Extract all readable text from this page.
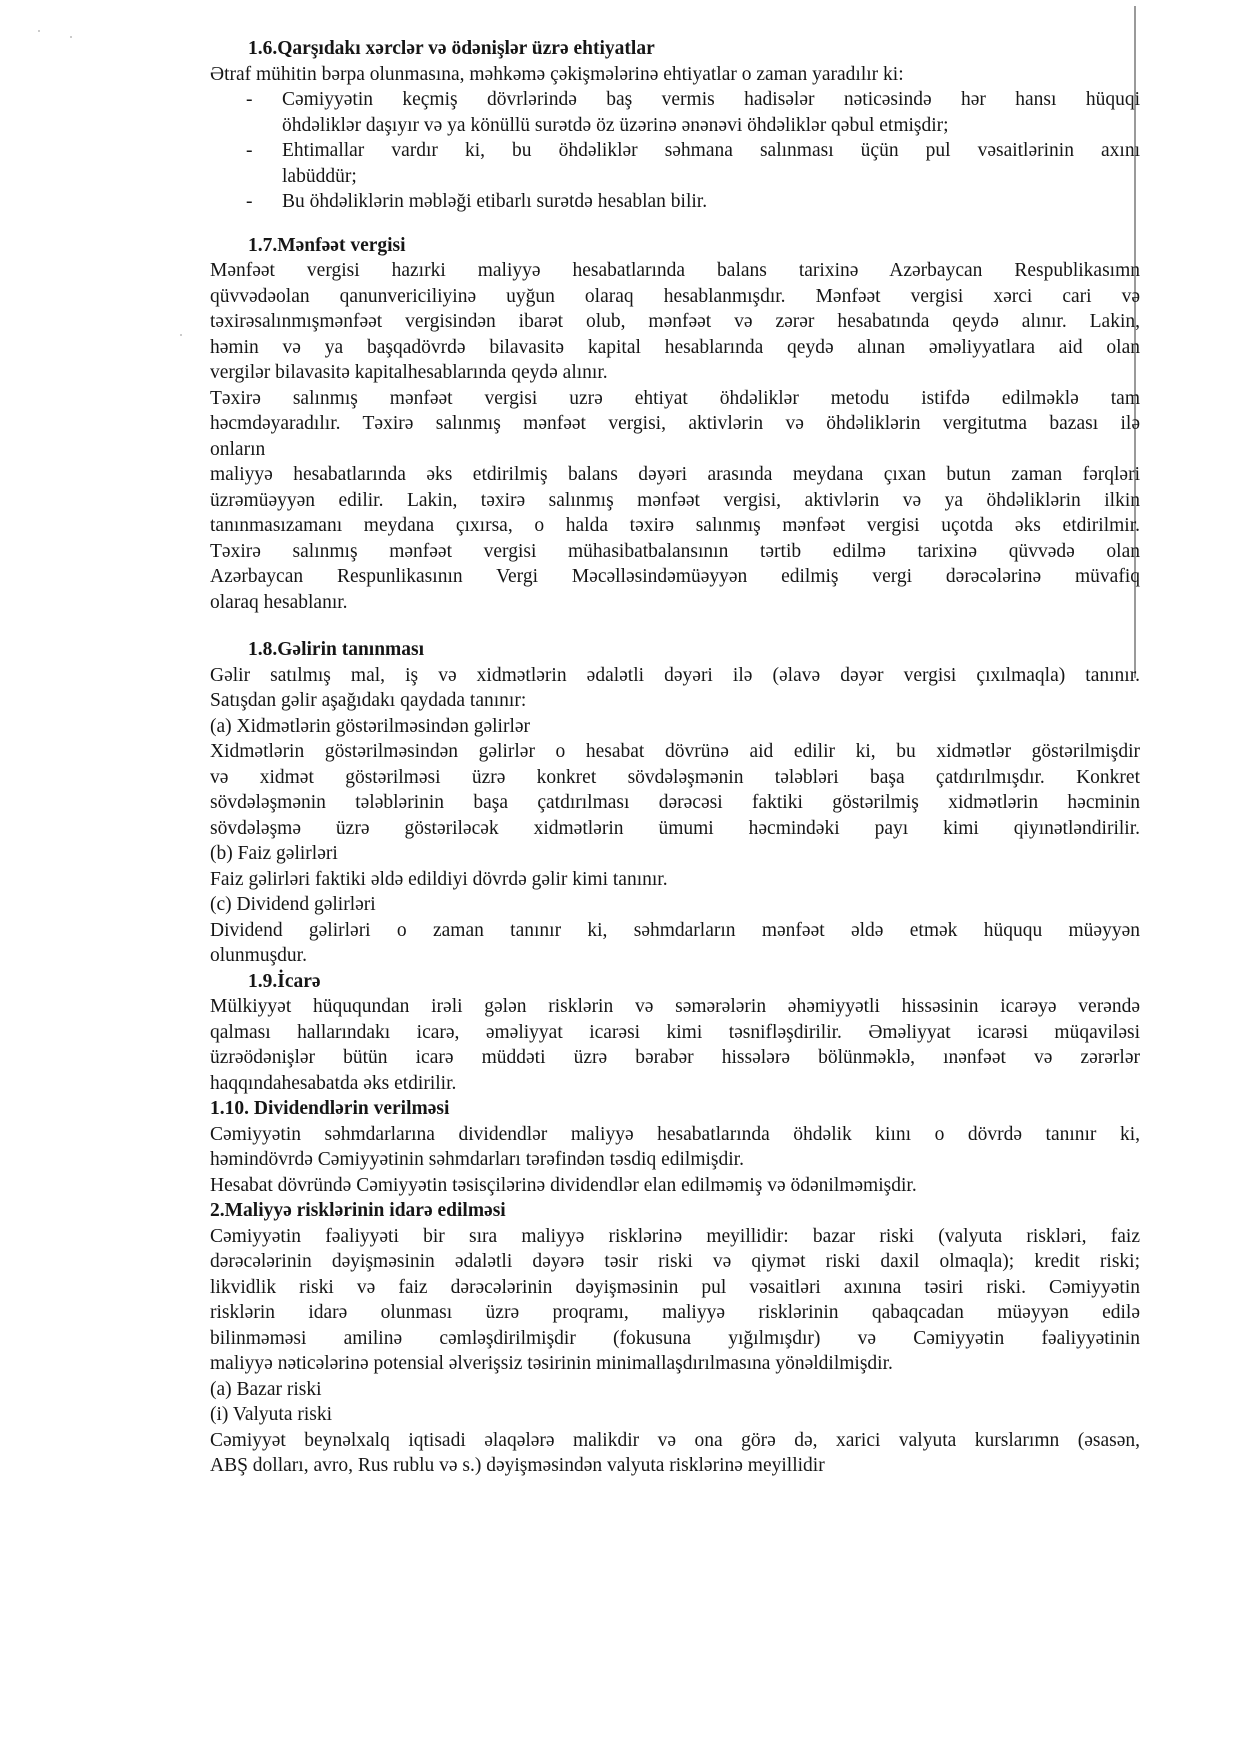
1.6.Qarşıdakı xərclər və ödənişlər üzrə ehtiyatlar
Ətraf mühitin bərpa olunmasına, məhkəmə çəkişmələrinə ehtiyatlar o zaman yaradılır ki:
- Cəmiyyətin keçmiş dövrlərində baş vermis hadisələr nəticəsində hər hansı hüquqi
öhdəliklər daşıyır və ya könüllü surətdə öz üzərinə ənənəvi öhdəliklər qəbul etmişdir;
- Ehtimallar vardır ki, bu öhdəliklər səhmana salınması üçün pul vəsaitlərinin axını
labüddür;
- Bu öhdəliklərin məbləği etibarlı surətdə hesablan bilir.
1.7.Mənfəət vergisi
Mənfəət vergisi hazırki maliyyə hesabatlarında balans tarixinə Azərbaycan Respublikasımn
qüvvədəolan qanunvericiliyinə uyğun olaraq hesablanmışdır. Mənfəət vergisi xərci cari və
təxirəsalınmışmənfəət vergisindən ibarət olub, mənfəət və zərər hesabatında qeydə alınır. Lakin,
həmin və ya başqadövrdə bilavasitə kapital hesablarında qeydə alınan əməliyyatlara aid olan
vergilər bilavasitə kapitalhesablarında qeydə alınır.
Təxirə salınmış mənfəət vergisi uzrə ehtiyat öhdəliklər metodu istifdə edilməklə tam
həcmdəyaradılır. Təxirə salınmış mənfəət vergisi, aktivlərin və öhdəliklərin vergitutma bazası ilə
onların
maliyyə hesabatlarında əks etdirilmiş balans dəyəri arasında meydana çıxan butun zaman fərqləri
üzrəmüəyyən edilir. Lakin, təxirə salınmış mənfəət vergisi, aktivlərin və ya öhdəliklərin ilkin
tanınmasızamanı meydana çıxırsa, o halda təxirə salınmış mənfəət vergisi uçotda əks etdirilmir.
Təxirə salınmış mənfəət vergisi mühasibatbalansının tərtib edilmə tarixinə qüvvədə olan
Azərbaycan Respunlikasının Vergi Məcəlləsindəmüəyyən edilmiş vergi dərəcələrinə müvafiq
olaraq hesablanır.
1.8.Gəlirin tanınması
Gəlir satılmış mal, iş və xidmətlərin ədalətli dəyəri ilə (əlavə dəyər vergisi çıxılmaqla) tanınır.
Satışdan gəlir aşağıdakı qaydada tanınır:
(a) Xidmətlərin göstərilməsindən gəlirlər
Xidmətlərin göstərilməsindən gəlirlər o hesabat dövrünə aid edilir ki, bu xidmətlər göstərilmişdir
və xidmət göstərilməsi üzrə konkret sövdələşmənin tələbləri başa çatdırılmışdır. Konkret
sövdələşmənin tələblərinin başa çatdırılması dərəcəsi faktiki göstərilmiş xidmətlərin həcminin
sövdələşmə üzrə göstəriləcək xidmətlərin ümumi həcmindəki payı kimi qiyınətləndirilir.
(b) Faiz gəlirləri
Faiz gəlirləri faktiki əldə edildiyi dövrdə gəlir kimi tanınır.
(c) Dividend gəlirləri
Dividend gəlirləri o zaman tanınır ki, səhmdarların mənfəət əldə etmək hüququ müəyyən
olunmuşdur.
1.9.İcarə
Mülkiyyət hüququndan irəli gələn risklərin və səmərələrin əhəmiyyətli hissəsinin icarəyə verəndə
qalması hallarındakı icarə, əməliyyat icarəsi kimi təsnifləşdirilir. Əməliyyat icarəsi müqaviləsi
üzrəödənişlər bütün icarə müddəti üzrə bərabər hissələrə bölünməklə, ınənfəət və zərərlər
haqqındahesabatda əks etdirilir.
1.10. Dividendlərin verilməsi
Cəmiyyətin səhmdarlarına dividendlər maliyyə hesabatlarında öhdəlik kiını o dövrdə tanınır ki,
həmindövrdə Cəmiyyətinin səhmdarları tərəfindən təsdiq edilmişdir.
Hesabat dövründə Cəmiyyətin təsisçilərinə dividendlər elan edilməmiş və ödənilməmişdir.
2.Maliyyə risklərinin idarə edilməsi
Cəmiyyətin fəaliyyəti bir sıra maliyyə risklərinə meyillidir: bazar riski (valyuta riskləri, faiz
dərəcələrinin dəyişməsinin ədalətli dəyərə təsir riski və qiymət riski daxil olmaqla); kredit riski;
likvidlik riski və faiz dərəcələrinin dəyişməsinin pul vəsaitləri axınına təsiri riski. Cəmiyyətin
risklərin idarə olunması üzrə proqramı, maliyyə risklərinin qabaqcadan müəyyən edilə
bilinməməsi amilinə cəmləşdirilmişdir (fokusuna yığılmışdır) və Cəmiyyətin fəaliyyətinin
maliyyə nəticələrinə potensial əlverişsiz təsirinin minimallaşdırılmasına yönəldilmişdir.
(a) Bazar riski
(i) Valyuta riski
Cəmiyyət beynəlxalq iqtisadi əlaqələrə malikdir və ona görə də, xarici valyuta kurslarımn (əsasən,
ABŞ dolları, avro, Rus rublu və s.) dəyişməsindən valyuta risklərinə meyillidir
